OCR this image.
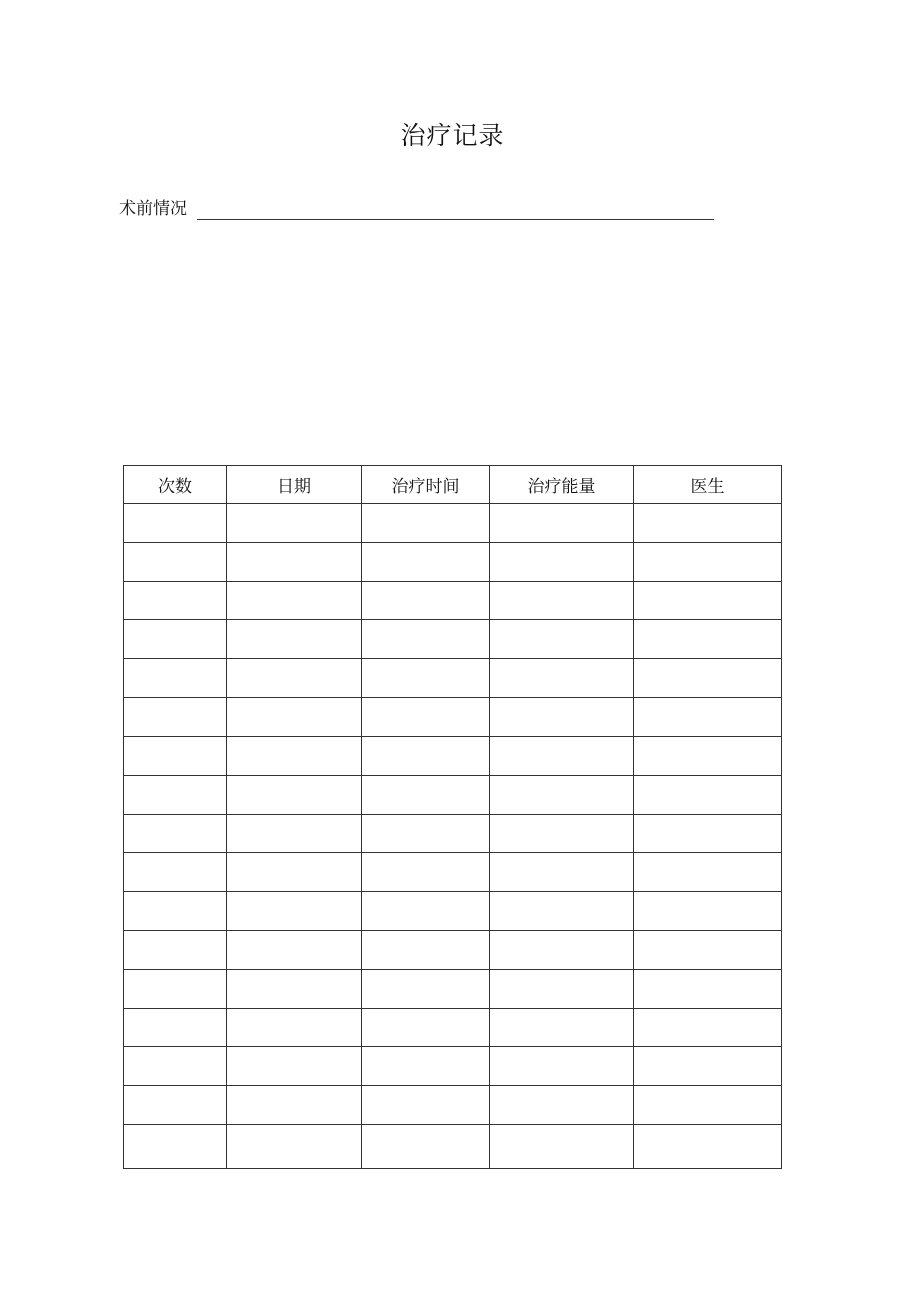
治疗记录
术前情况
次数	日期	治疗时间	治疗能量	医生
